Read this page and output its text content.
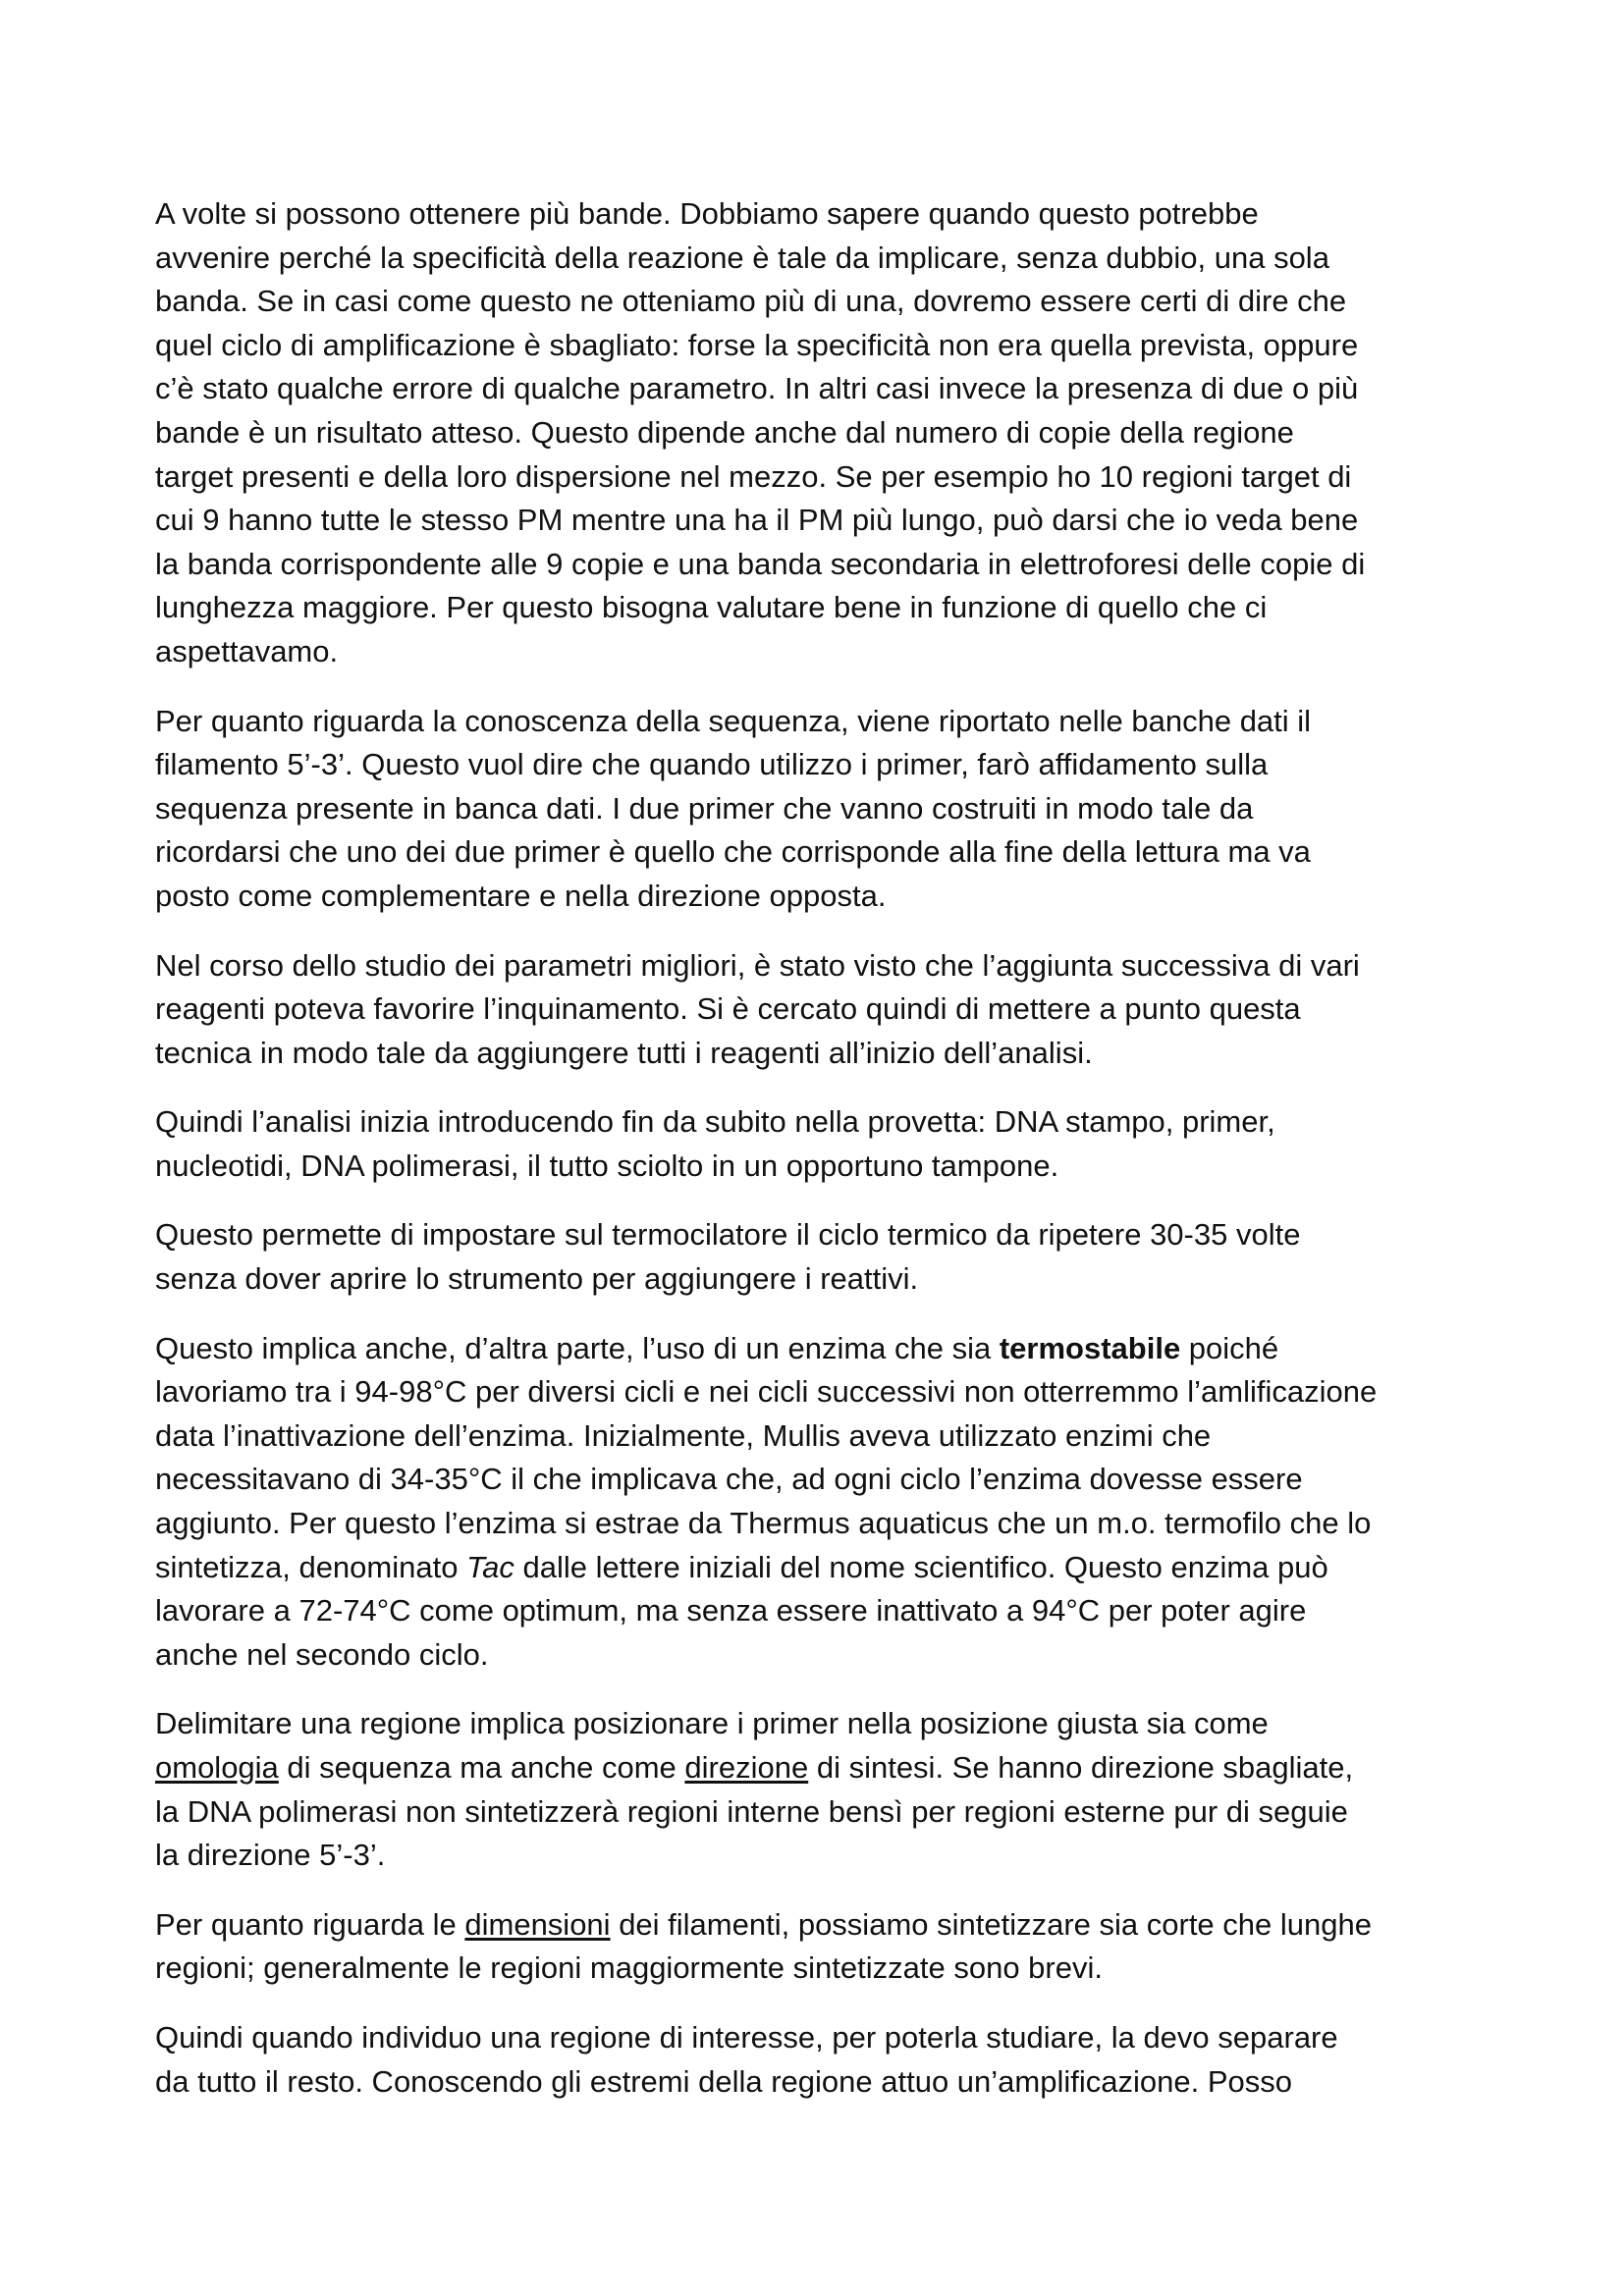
A volte si possono ottenere più bande. Dobbiamo sapere quando questo potrebbe
avvenire perché la specificità della reazione è tale da implicare, senza dubbio, una sola
banda. Se in casi come questo ne otteniamo più di una, dovremo essere certi di dire che
quel ciclo di amplificazione è sbagliato: forse la specificità non era quella prevista, oppure
c’è stato qualche errore di qualche parametro. In altri casi invece la presenza di due o più
bande è un risultato atteso. Questo dipende anche dal numero di copie della regione
target presenti e della loro dispersione nel mezzo. Se per esempio ho 10 regioni target di
cui 9 hanno tutte le stesso PM mentre una ha il PM più lungo, può darsi che io veda bene
la banda corrispondente alle 9 copie e una banda secondaria in elettroforesi delle copie di
lunghezza maggiore. Per questo bisogna valutare bene in funzione di quello che ci
aspettavamo.
Per quanto riguarda la conoscenza della sequenza, viene riportato nelle banche dati il
filamento 5’-3’. Questo vuol dire che quando utilizzo i primer, farò affidamento sulla
sequenza presente in banca dati. I due primer che vanno costruiti in modo tale da
ricordarsi che uno dei due primer è quello che corrisponde alla fine della lettura ma va
posto come complementare e nella direzione opposta.
Nel corso dello studio dei parametri migliori, è stato visto che l’aggiunta successiva di vari
reagenti poteva favorire l’inquinamento. Si è cercato quindi di mettere a punto questa
tecnica in modo tale da aggiungere tutti i reagenti all’inizio dell’analisi.
Quindi l’analisi inizia introducendo fin da subito nella provetta: DNA stampo, primer,
nucleotidi, DNA polimerasi, il tutto sciolto in un opportuno tampone.
Questo permette di impostare sul termocilatore il ciclo termico da ripetere 30-35 volte
senza dover aprire lo strumento per aggiungere i reattivi.
Questo implica anche, d’altra parte, l’uso di un enzima che sia termostabile poiché
lavoriamo tra i 94-98°C per diversi cicli e nei cicli successivi non otterremmo l’amlificazione
data l’inattivazione dell’enzima. Inizialmente, Mullis aveva utilizzato enzimi che
necessitavano di 34-35°C il che implicava che, ad ogni ciclo l’enzima dovesse essere
aggiunto. Per questo l’enzima si estrae da Thermus aquaticus che un m.o. termofilo che lo
sintetizza, denominato Tac dalle lettere iniziali del nome scientifico. Questo enzima può
lavorare a 72-74°C come optimum, ma senza essere inattivato a 94°C per poter agire
anche nel secondo ciclo.
Delimitare una regione implica posizionare i primer nella posizione giusta sia come
omologia di sequenza ma anche come direzione di sintesi. Se hanno direzione sbagliate,
la DNA polimerasi non sintetizzerà regioni interne bensì per regioni esterne pur di seguie
la direzione 5’-3’.
Per quanto riguarda le dimensioni dei filamenti, possiamo sintetizzare sia corte che lunghe
regioni; generalmente le regioni maggiormente sintetizzate sono brevi.
Quindi quando individuo una regione di interesse, per poterla studiare, la devo separare
da tutto il resto. Conoscendo gli estremi della regione attuo un’amplificazione. Posso
